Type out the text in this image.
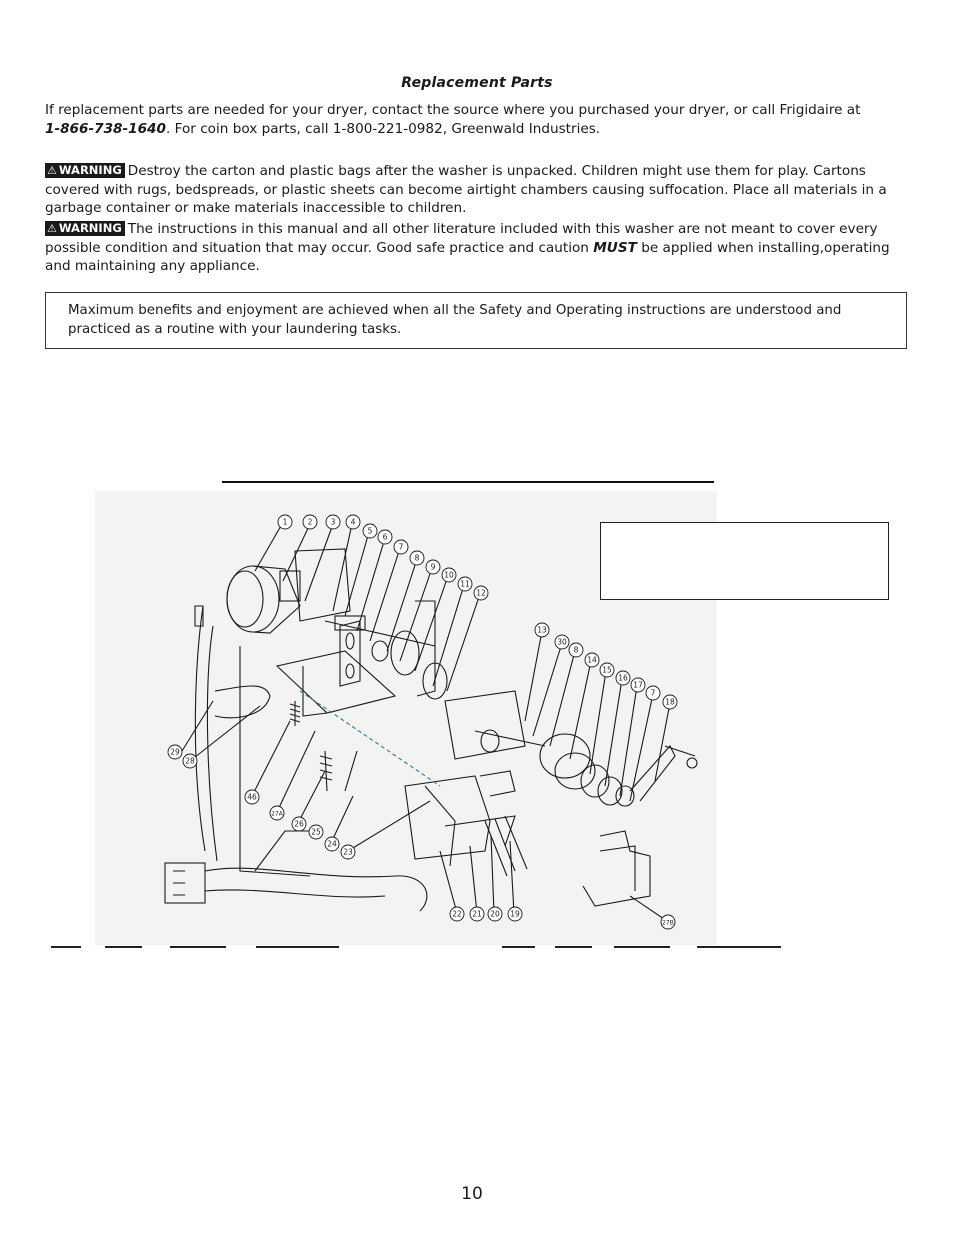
Replacement Parts
If replacement parts are needed for your dryer, contact the source where you purchased your dryer, or call Frigidaire at
1-866-738-1640. For coin box parts, call 1-800-221-0982, Greenwald Industries.
⚠ WARNING Destroy the carton and plastic bags after the washer is unpacked. Children might use them for play. Cartons covered with rugs, bedspreads, or plastic sheets can become airtight chambers causing suffocation. Place all materials in a garbage container or make materials inaccessible to children.
⚠ WARNING The instructions in this manual and all other literature included with this washer are not meant to cover every possible condition and situation that may occur. Good safe practice and caution MUST be applied when installing,operating and maintaining any appliance.
Maximum benefits and enjoyment are achieved when all the Safety and Operating instructions are understood and practiced as a routine with your laundering tasks.
1	2 3 4
5
6
7
8
9
10
11
12
13
30
8
14
15
16
17
7
18
29
28
46
27A
26
25
24
23
22 21 20 19
27B
10
